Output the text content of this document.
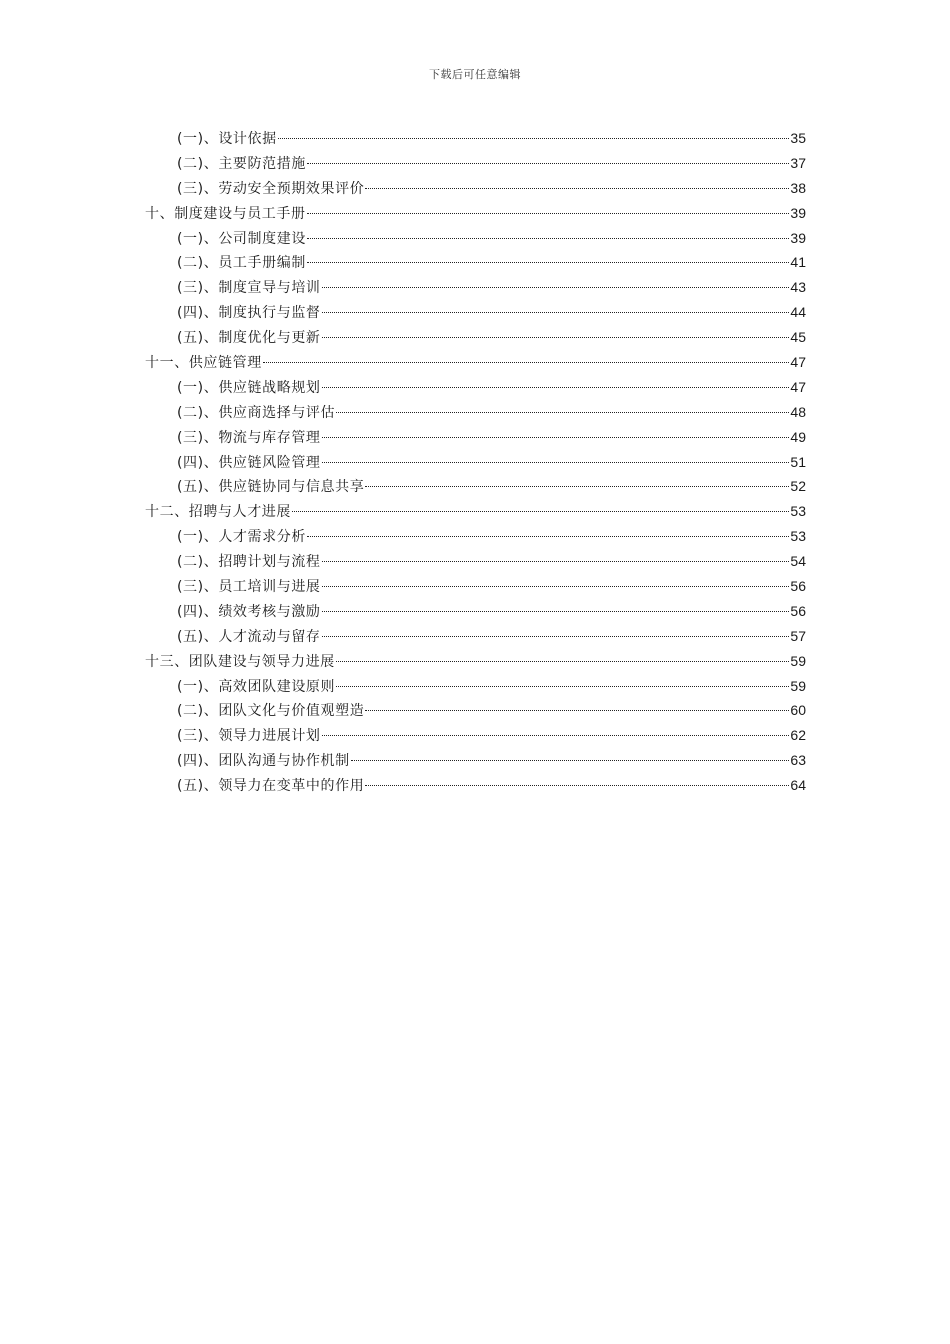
下载后可任意编辑
(一)、设计依据	35
(二)、主要防范措施	37
(三)、劳动安全预期效果评价	38
十、制度建设与员工手册	39
(一)、公司制度建设	39
(二)、员工手册编制	41
(三)、制度宣导与培训	43
(四)、制度执行与监督	44
(五)、制度优化与更新	45
十一、供应链管理	47
(一)、供应链战略规划	47
(二)、供应商选择与评估	48
(三)、物流与库存管理	49
(四)、供应链风险管理	51
(五)、供应链协同与信息共享	52
十二、招聘与人才进展	53
(一)、人才需求分析	53
(二)、招聘计划与流程	54
(三)、员工培训与进展	56
(四)、绩效考核与激励	56
(五)、人才流动与留存	57
十三、团队建设与领导力进展	59
(一)、高效团队建设原则	59
(二)、团队文化与价值观塑造	60
(三)、领导力进展计划	62
(四)、团队沟通与协作机制	63
(五)、领导力在变革中的作用	64
